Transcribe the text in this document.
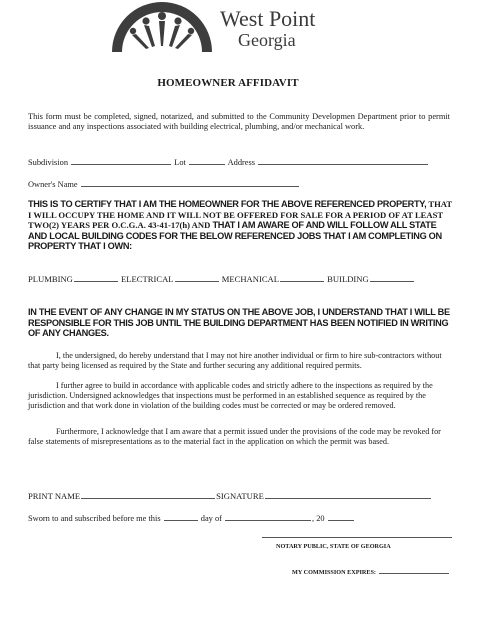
West Point
Georgia
HOMEOWNER AFFIDAVIT
This form must be completed, signed, notarized, and submitted to the Community Developmen Department prior to permit issuance and any inspections associated with building electrical, plumbing, and/or mechanical work.
Subdivision	Lot	Address
Owner's Name
THIS IS TO CERTIFY THAT I AM THE HOMEOWNER FOR THE ABOVE REFERENCED PROPERTY, THAT I WILL OCCUPY THE HOME AND IT WILL NOT BE OFFERED FOR SALE FOR A PERIOD OF AT LEAST TWO(2) YEARS PER O.C.G.A. 43-41-17(h) AND THAT I AM AWARE OF AND WILL FOLLOW ALL STATE AND LOCAL BUILDING CODES FOR THE BELOW REFERENCED JOBS THAT I AM COMPLETING ON PROPERTY THAT I OWN:
PLUMBING	ELECTRICAL	MECHANICAL	BUILDING
IN THE EVENT OF ANY CHANGE IN MY STATUS ON THE ABOVE JOB, I UNDERSTAND THAT I WILL BE RESPONSIBLE FOR THIS JOB UNTIL THE BUILDING DEPARTMENT HAS BEEN NOTIFIED IN WRITING OF ANY CHANGES.
I, the undersigned, do hereby understand that I may not hire another individual or firm to hire sub-contractors without that party being licensed as required by the State and further securing any additional required permits.
I further agree to build in accordance with applicable codes and strictly adhere to the inspections as required by the jurisdiction. Undersigned acknowledges that inspections must be performed in an established sequence as required by the jurisdiction and that work done in violation of the building codes must be corrected or may be ordered removed.
Furthermore, I acknowledge that I am aware that a permit issued under the provisions of the code may be revoked for false statements of misrepresentations as to the material fact in the application on which the permit was based.
PRINT NAME	SIGNATURE
Sworn to and subscribed before me this	day of	, 20
NOTARY PUBLIC, STATE OF GEORGIA
MY COMMISSION EXPIRES:
